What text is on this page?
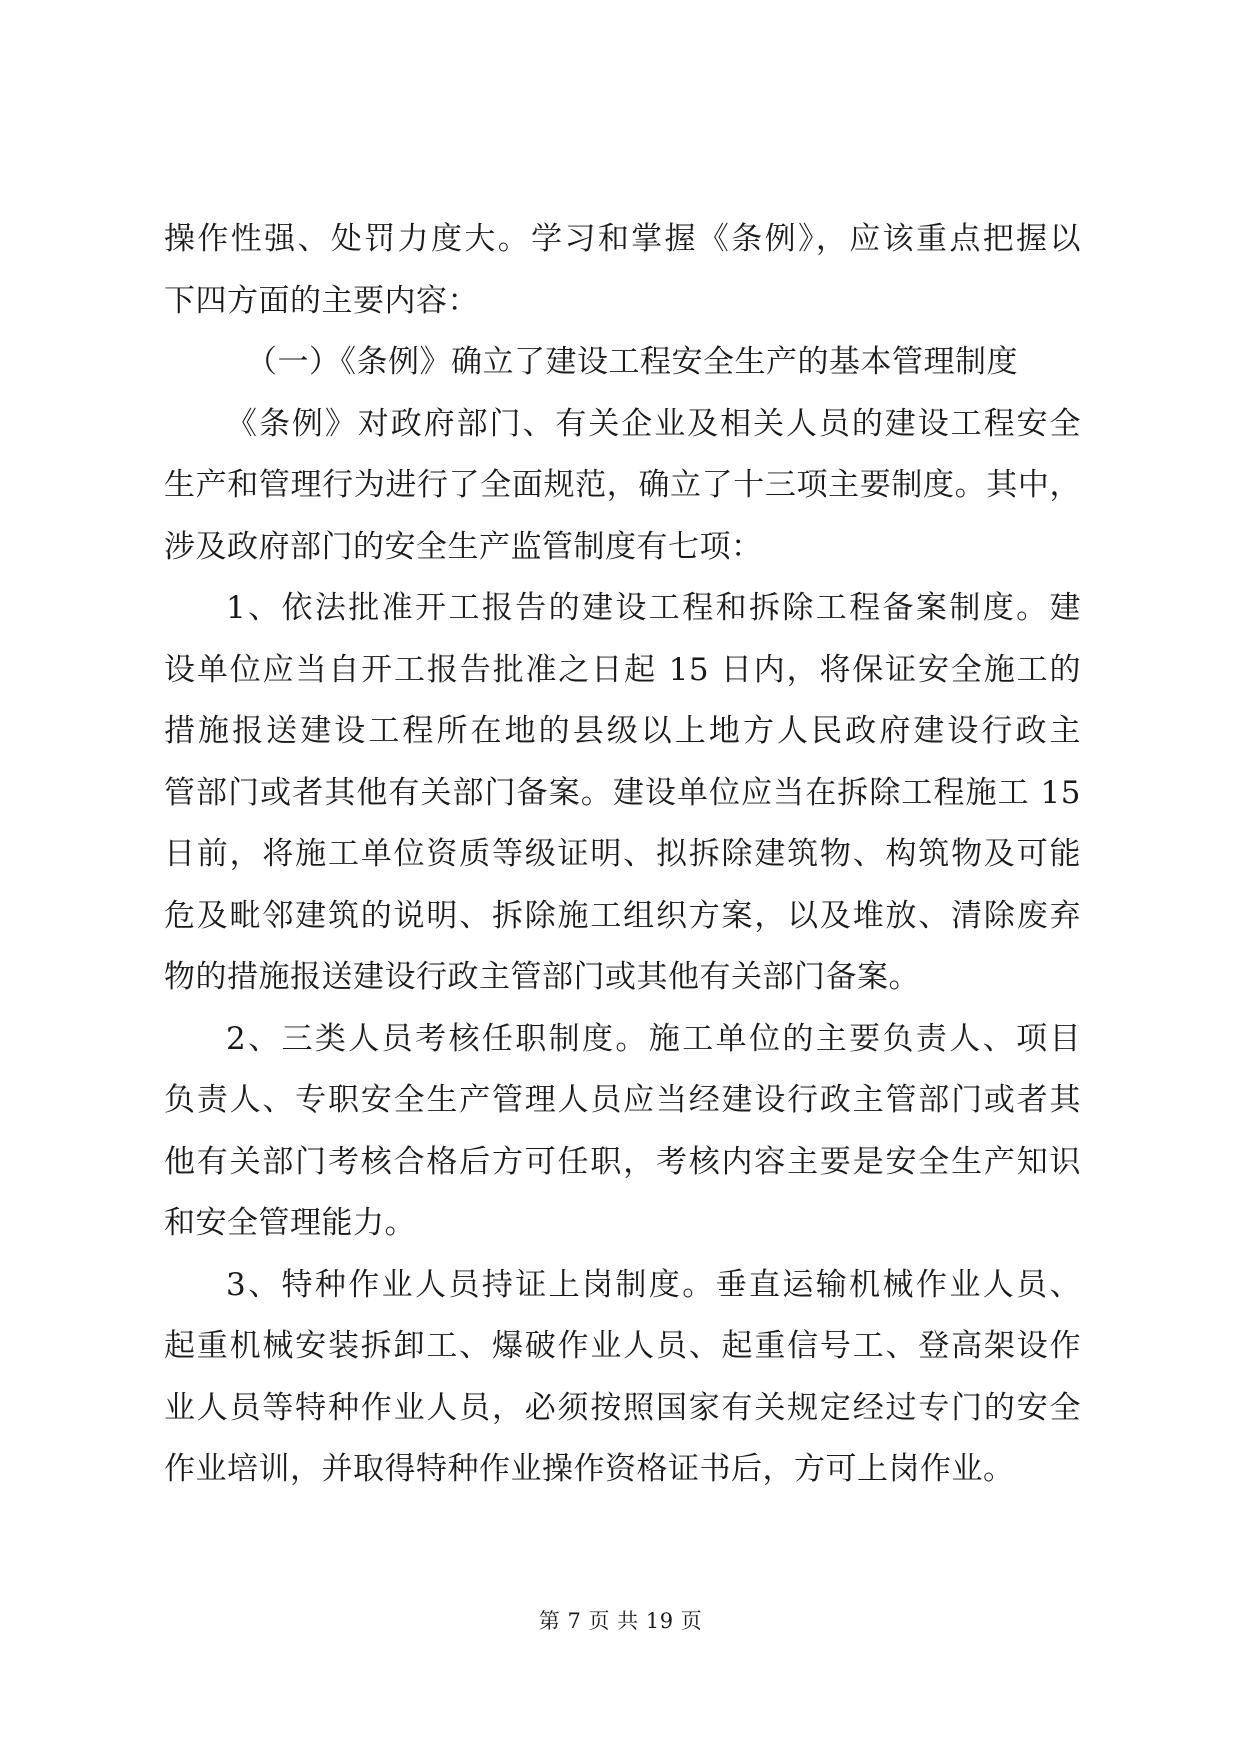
操作性强、处罚力度大。学习和掌握《条例》，应该重点把握以
下四方面的主要内容：
（一）《条例》确立了建设工程安全生产的基本管理制度
《条例》对政府部门、有关企业及相关人员的建设工程安全
生产和管理行为进行了全面规范，确立了十三项主要制度。其中，
涉及政府部门的安全生产监管制度有七项：
1、依法批准开工报告的建设工程和拆除工程备案制度。建
设单位应当自开工报告批准之日起 15 日内，将保证安全施工的
措施报送建设工程所在地的县级以上地方人民政府建设行政主
管部门或者其他有关部门备案。建设单位应当在拆除工程施工 15
日前，将施工单位资质等级证明、拟拆除建筑物、构筑物及可能
危及毗邻建筑的说明、拆除施工组织方案，以及堆放、清除废弃
物的措施报送建设行政主管部门或其他有关部门备案。
2、三类人员考核任职制度。施工单位的主要负责人、项目
负责人、专职安全生产管理人员应当经建设行政主管部门或者其
他有关部门考核合格后方可任职，考核内容主要是安全生产知识
和安全管理能力。
3、特种作业人员持证上岗制度。垂直运输机械作业人员、
起重机械安装拆卸工、爆破作业人员、起重信号工、登高架设作
业人员等特种作业人员，必须按照国家有关规定经过专门的安全
作业培训，并取得特种作业操作资格证书后，方可上岗作业。
第 7 页 共 19 页
